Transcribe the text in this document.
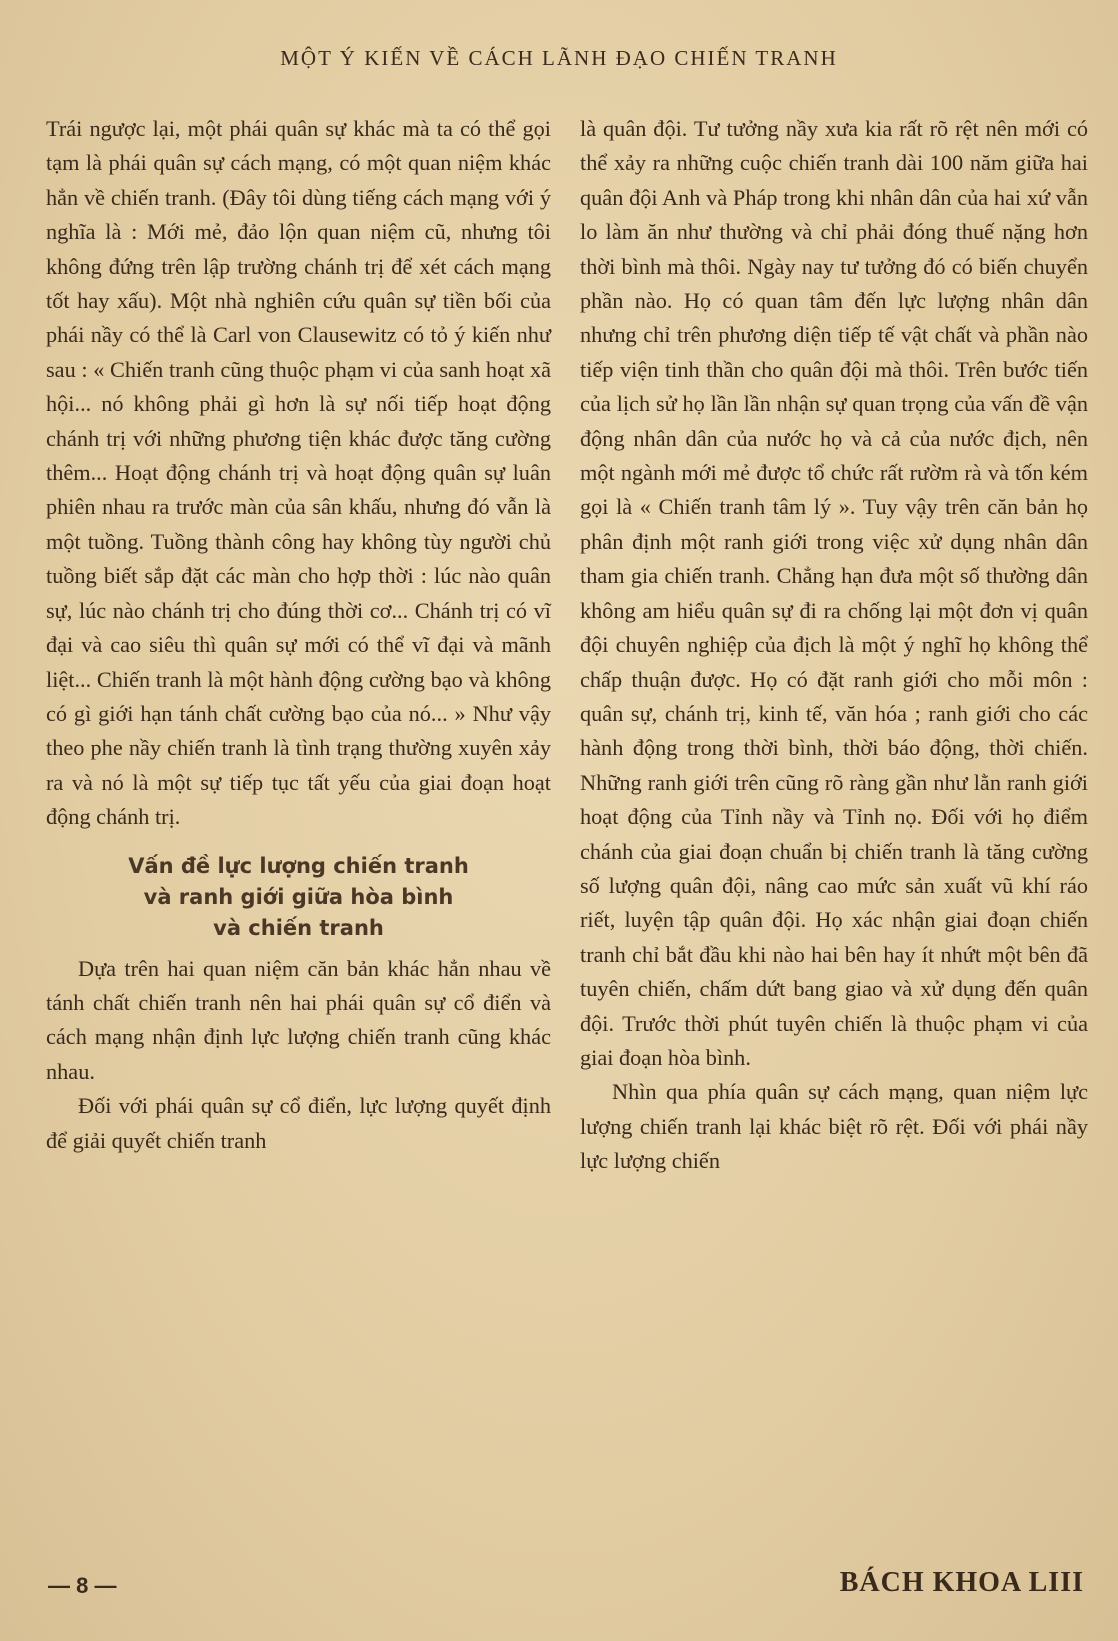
MỘT Ý KIẾN VỀ CÁCH LÃNH ĐẠO CHIẾN TRANH

Trái ngược lại, một phái quân sự khác mà ta có thể gọi tạm là phái quân sự cách mạng, có một quan niệm khác hẳn về chiến tranh. (Đây tôi dùng tiếng cách mạng với ý nghĩa là : Mới mẻ, đảo lộn quan niệm cũ, nhưng tôi không đứng trên lập trường chánh trị để xét cách mạng tốt hay xấu). Một nhà nghiên cứu quân sự tiền bối của phái nầy có thể là Carl von Clausewitz có tỏ ý kiến như sau : « Chiến tranh cũng thuộc phạm vi của sanh hoạt xã hội... nó không phải gì hơn là sự nối tiếp hoạt động chánh trị với những phương tiện khác được tăng cường thêm... Hoạt động chánh trị và hoạt động quân sự luân phiên nhau ra trước màn của sân khấu, nhưng đó vẫn là một tuồng. Tuồng thành công hay không tùy người chủ tuồng biết sắp đặt các màn cho hợp thời : lúc nào quân sự, lúc nào chánh trị cho đúng thời cơ... Chánh trị có vĩ đại và cao siêu thì quân sự mới có thể vĩ đại và mãnh liệt... Chiến tranh là một hành động cường bạo và không có gì giới hạn tánh chất cường bạo của nó... » Như vậy theo phe nầy chiến tranh là tình trạng thường xuyên xảy ra và nó là một sự tiếp tục tất yếu của giai đoạn hoạt động chánh trị.

Vấn đề lực lượng chiến tranh
và ranh giới giữa hòa bình
và chiến tranh

Dựa trên hai quan niệm căn bản khác hẳn nhau về tánh chất chiến tranh nên hai phái quân sự cổ điển và cách mạng nhận định lực lượng chiến tranh cũng khác nhau.

Đối với phái quân sự cổ điển, lực lượng quyết định để giải quyết chiến tranh

là quân đội. Tư tưởng nầy xưa kia rất rõ rệt nên mới có thể xảy ra những cuộc chiến tranh dài 100 năm giữa hai quân đội Anh và Pháp trong khi nhân dân của hai xứ vẫn lo làm ăn như thường và chỉ phải đóng thuế nặng hơn thời bình mà thôi. Ngày nay tư tưởng đó có biến chuyển phần nào. Họ có quan tâm đến lực lượng nhân dân nhưng chỉ trên phương diện tiếp tế vật chất và phần nào tiếp viện tinh thần cho quân đội mà thôi. Trên bước tiến của lịch sử họ lần lần nhận sự quan trọng của vấn đề vận động nhân dân của nước họ và cả của nước địch, nên một ngành mới mẻ được tổ chức rất rườm rà và tốn kém gọi là « Chiến tranh tâm lý ». Tuy vậy trên căn bản họ phân định một ranh giới trong việc xử dụng nhân dân tham gia chiến tranh. Chẳng hạn đưa một số thường dân không am hiểu quân sự đi ra chống lại một đơn vị quân đội chuyên nghiệp của địch là một ý nghĩ họ không thể chấp thuận được. Họ có đặt ranh giới cho mỗi môn : quân sự, chánh trị, kinh tế, văn hóa ; ranh giới cho các hành động trong thời bình, thời báo động, thời chiến. Những ranh giới trên cũng rõ ràng gần như lằn ranh giới hoạt động của Tỉnh nầy và Tỉnh nọ. Đối với họ điểm chánh của giai đoạn chuẩn bị chiến tranh là tăng cường số lượng quân đội, nâng cao mức sản xuất vũ khí ráo riết, luyện tập quân đội. Họ xác nhận giai đoạn chiến tranh chỉ bắt đầu khi nào hai bên hay ít nhứt một bên đã tuyên chiến, chấm dứt bang giao và xử dụng đến quân đội. Trước thời phút tuyên chiến là thuộc phạm vi của giai đoạn hòa bình.

Nhìn qua phía quân sự cách mạng, quan niệm lực lượng chiến tranh lại khác biệt rõ rệt. Đối với phái nầy lực lượng chiến

— 8 —	BÁCH KHOA LIII
